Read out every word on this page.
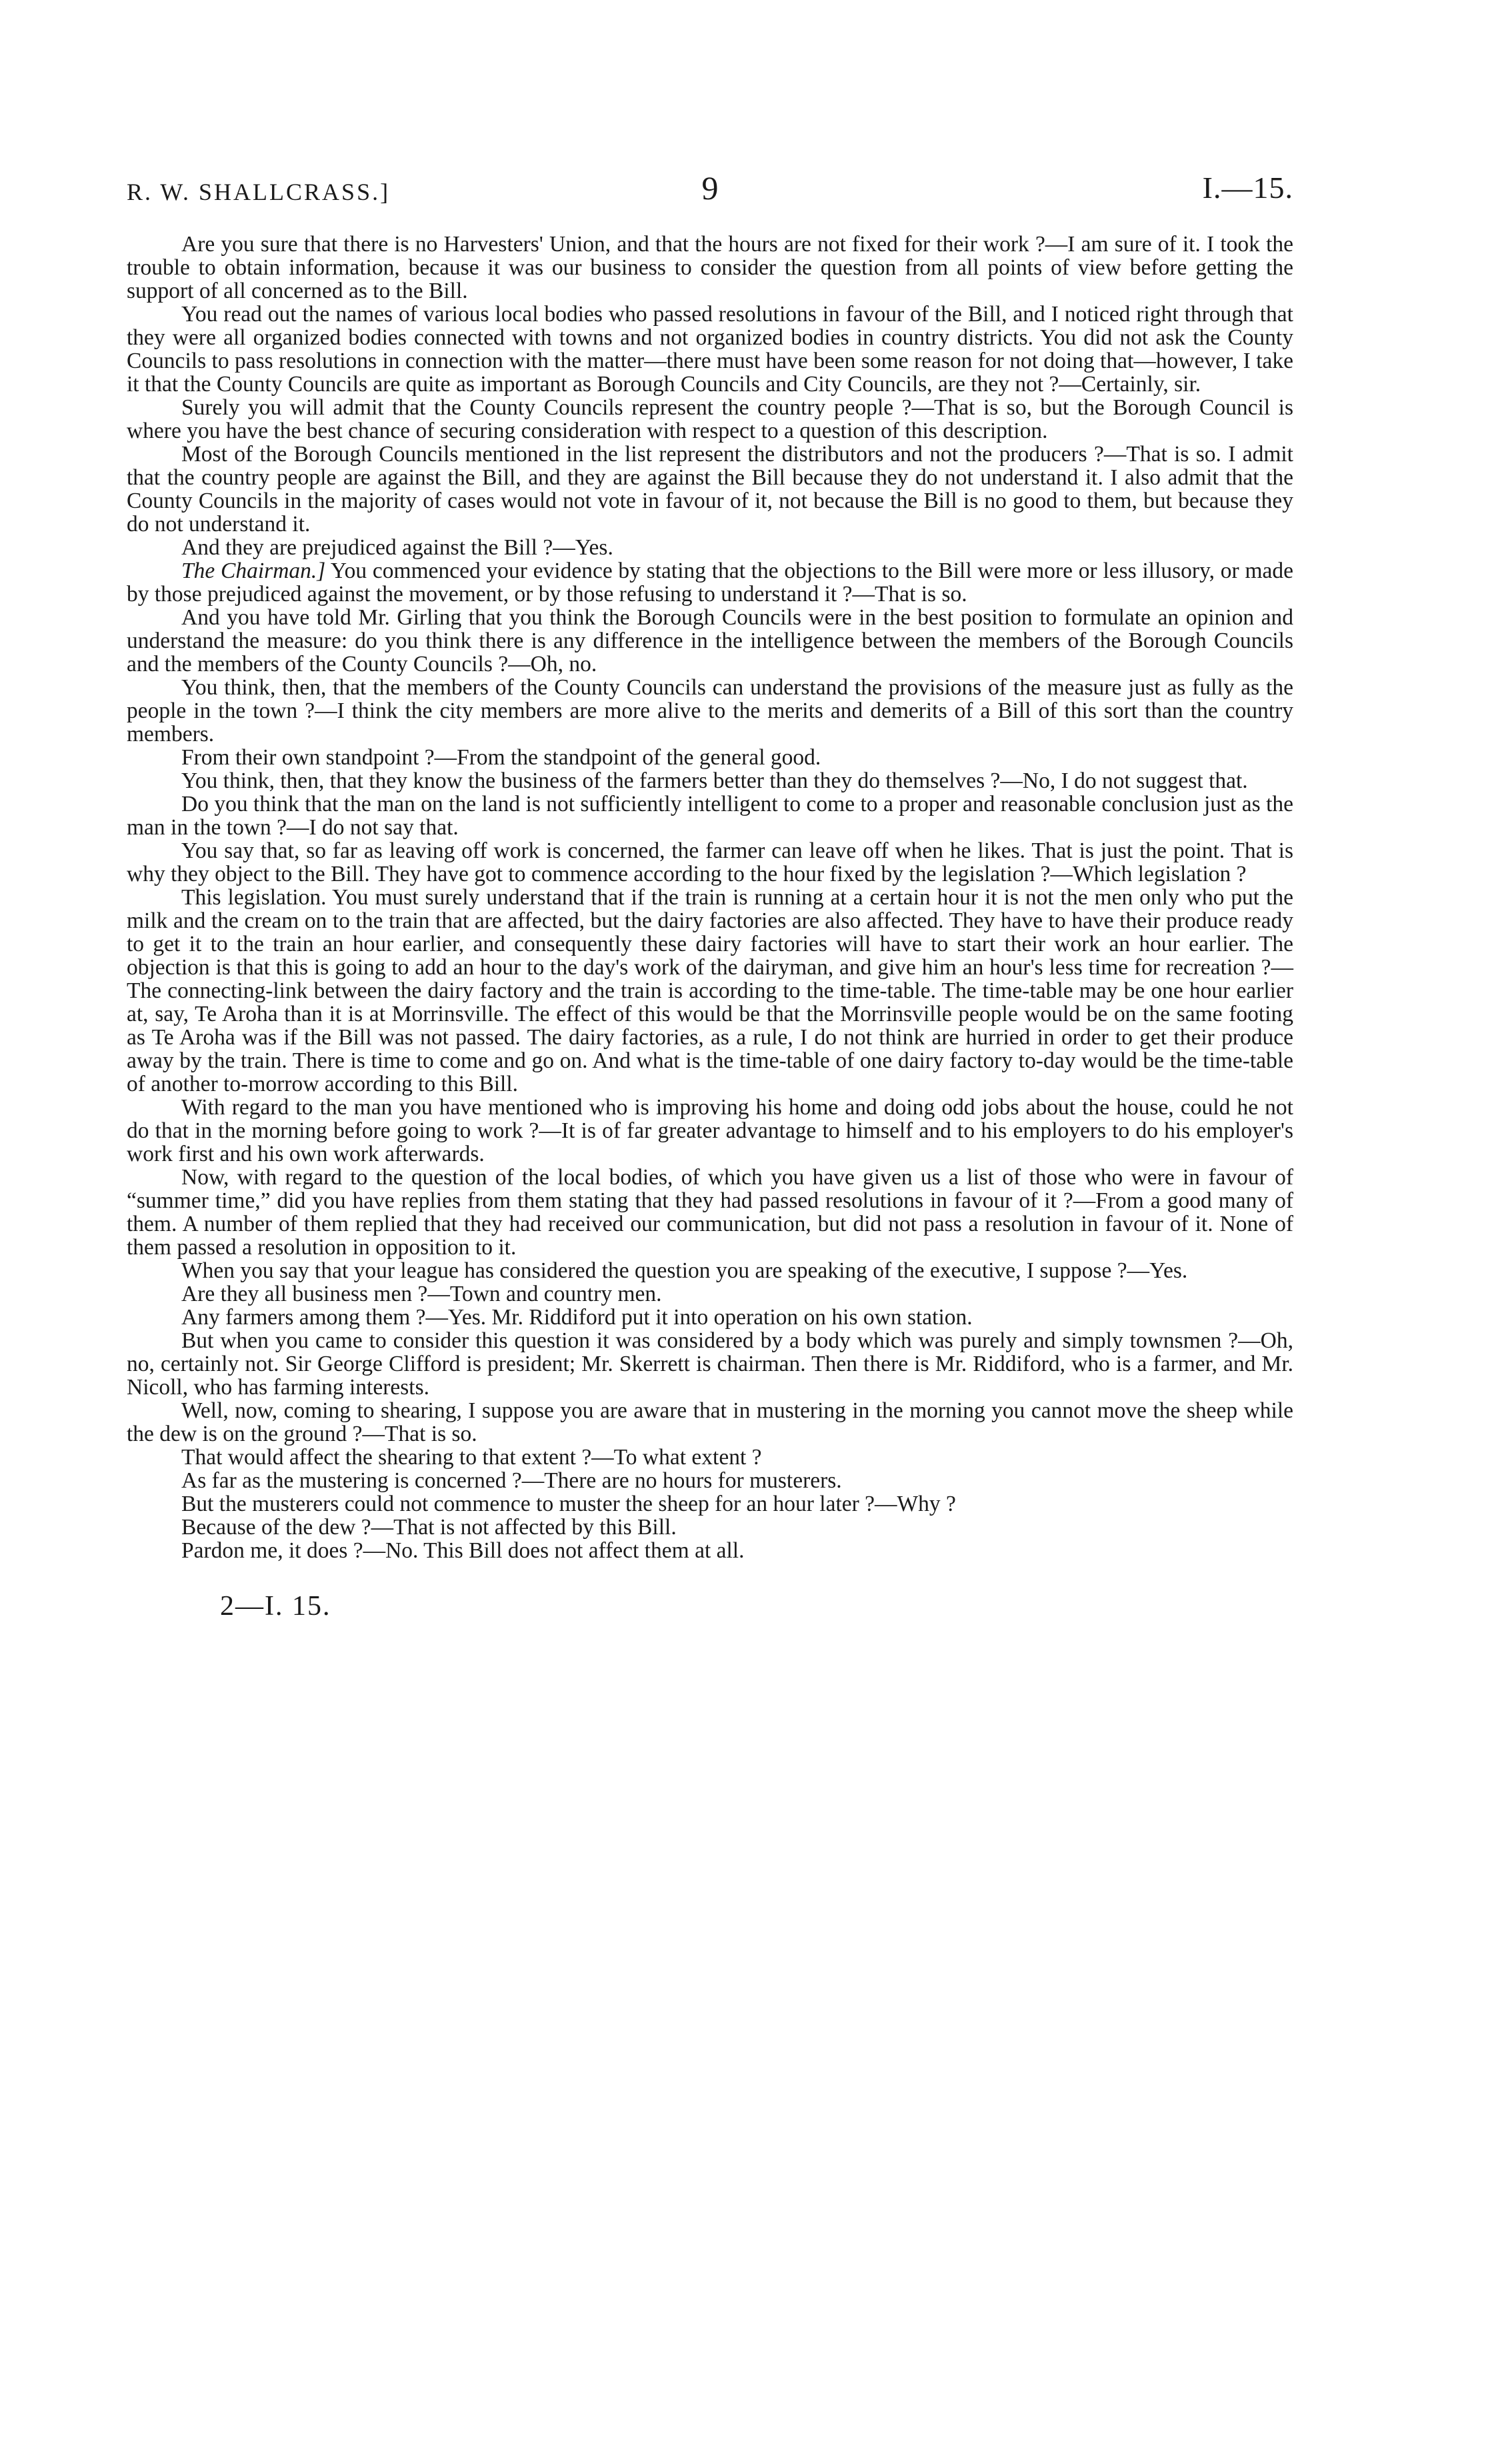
R. W. SHALLCRASS.]	9	I.—15.

Are you sure that there is no Harvesters' Union, and that the hours are not fixed for their work ?—I am sure of it. I took the trouble to obtain information, because it was our business to consider the question from all points of view before getting the support of all concerned as to the Bill.

You read out the names of various local bodies who passed resolutions in favour of the Bill, and I noticed right through that they were all organized bodies connected with towns and not organized bodies in country districts. You did not ask the County Councils to pass resolutions in connection with the matter—there must have been some reason for not doing that—however, I take it that the County Councils are quite as important as Borough Councils and City Councils, are they not ?—Certainly, sir.

Surely you will admit that the County Councils represent the country people ?—That is so, but the Borough Council is where you have the best chance of securing consideration with respect to a question of this description.

Most of the Borough Councils mentioned in the list represent the distributors and not the producers ?—That is so. I admit that the country people are against the Bill, and they are against the Bill because they do not understand it. I also admit that the County Councils in the majority of cases would not vote in favour of it, not because the Bill is no good to them, but because they do not understand it.

And they are prejudiced against the Bill ?—Yes.

The Chairman.] You commenced your evidence by stating that the objections to the Bill were more or less illusory, or made by those prejudiced against the movement, or by those refusing to understand it ?—That is so.

And you have told Mr. Girling that you think the Borough Councils were in the best position to formulate an opinion and understand the measure: do you think there is any difference in the intelligence between the members of the Borough Councils and the members of the County Councils ?—Oh, no.

You think, then, that the members of the County Councils can understand the provisions of the measure just as fully as the people in the town ?—I think the city members are more alive to the merits and demerits of a Bill of this sort than the country members.

From their own standpoint ?—From the standpoint of the general good.

You think, then, that they know the business of the farmers better than they do themselves ?—No, I do not suggest that.

Do you think that the man on the land is not sufficiently intelligent to come to a proper and reasonable conclusion just as the man in the town ?—I do not say that.

You say that, so far as leaving off work is concerned, the farmer can leave off when he likes. That is just the point. That is why they object to the Bill. They have got to commence according to the hour fixed by the legislation ?—Which legislation ?

This legislation. You must surely understand that if the train is running at a certain hour it is not the men only who put the milk and the cream on to the train that are affected, but the dairy factories are also affected. They have to have their produce ready to get it to the train an hour earlier, and consequently these dairy factories will have to start their work an hour earlier. The objection is that this is going to add an hour to the day's work of the dairyman, and give him an hour's less time for recreation ?—The connecting-link between the dairy factory and the train is according to the time-table. The time-table may be one hour earlier at, say, Te Aroha than it is at Morrinsville. The effect of this would be that the Morrinsville people would be on the same footing as Te Aroha was if the Bill was not passed. The dairy factories, as a rule, I do not think are hurried in order to get their produce away by the train. There is time to come and go on. And what is the time-table of one dairy factory to-day would be the time-table of another to-morrow according to this Bill.

With regard to the man you have mentioned who is improving his home and doing odd jobs about the house, could he not do that in the morning before going to work ?—It is of far greater advantage to himself and to his employers to do his employer's work first and his own work afterwards.

Now, with regard to the question of the local bodies, of which you have given us a list of those who were in favour of “summer time,” did you have replies from them stating that they had passed resolutions in favour of it ?—From a good many of them. A number of them replied that they had received our communication, but did not pass a resolution in favour of it. None of them passed a resolution in opposition to it.

When you say that your league has considered the question you are speaking of the executive, I suppose ?—Yes.

Are they all business men ?—Town and country men.

Any farmers among them ?—Yes. Mr. Riddiford put it into operation on his own station.

But when you came to consider this question it was considered by a body which was purely and simply townsmen ?—Oh, no, certainly not. Sir George Clifford is president; Mr. Skerrett is chairman. Then there is Mr. Riddiford, who is a farmer, and Mr. Nicoll, who has farming interests.

Well, now, coming to shearing, I suppose you are aware that in mustering in the morning you cannot move the sheep while the dew is on the ground ?—That is so.

That would affect the shearing to that extent ?—To what extent ?

As far as the mustering is concerned ?—There are no hours for musterers.

But the musterers could not commence to muster the sheep for an hour later ?—Why ?

Because of the dew ?—That is not affected by this Bill.

Pardon me, it does ?—No. This Bill does not affect them at all.

2—I. 15.
